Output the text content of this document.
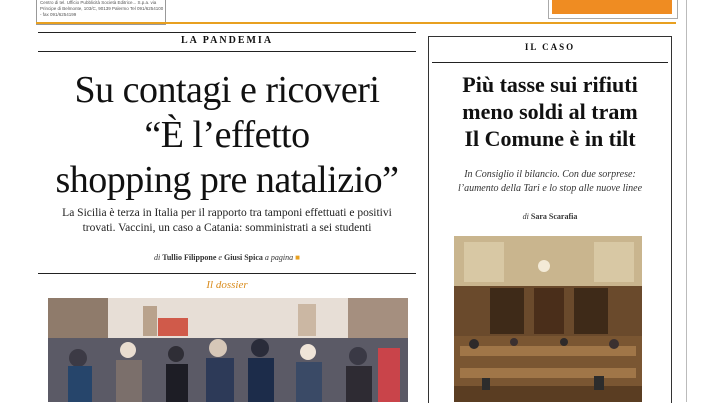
Centro di tel. Ufficio Pubblicità Società Editrice... S.p.a. via Principe di Belmonte, 103/C, 90139 Palermo Tel 091/6254100 - fax 091/6254199
LA PANDEMIA
Su contagi e ricoveri
“È l’effetto
shopping pre natalizio”
La Sicilia è terza in Italia per il rapporto tra tamponi effettuati e positivi
trovati. Vaccini, un caso a Catania: somministrati a sei studenti
di Tullio Filippone e Giusi Spica a pagina ■
Il dossier
IL CASO
Più tasse sui rifiuti
meno soldi al tram
Il Comune è in tilt
In Consiglio il bilancio. Con due sorprese:
l’aumento della Tari e lo stop alle nuove linee
di Sara Scarafia
